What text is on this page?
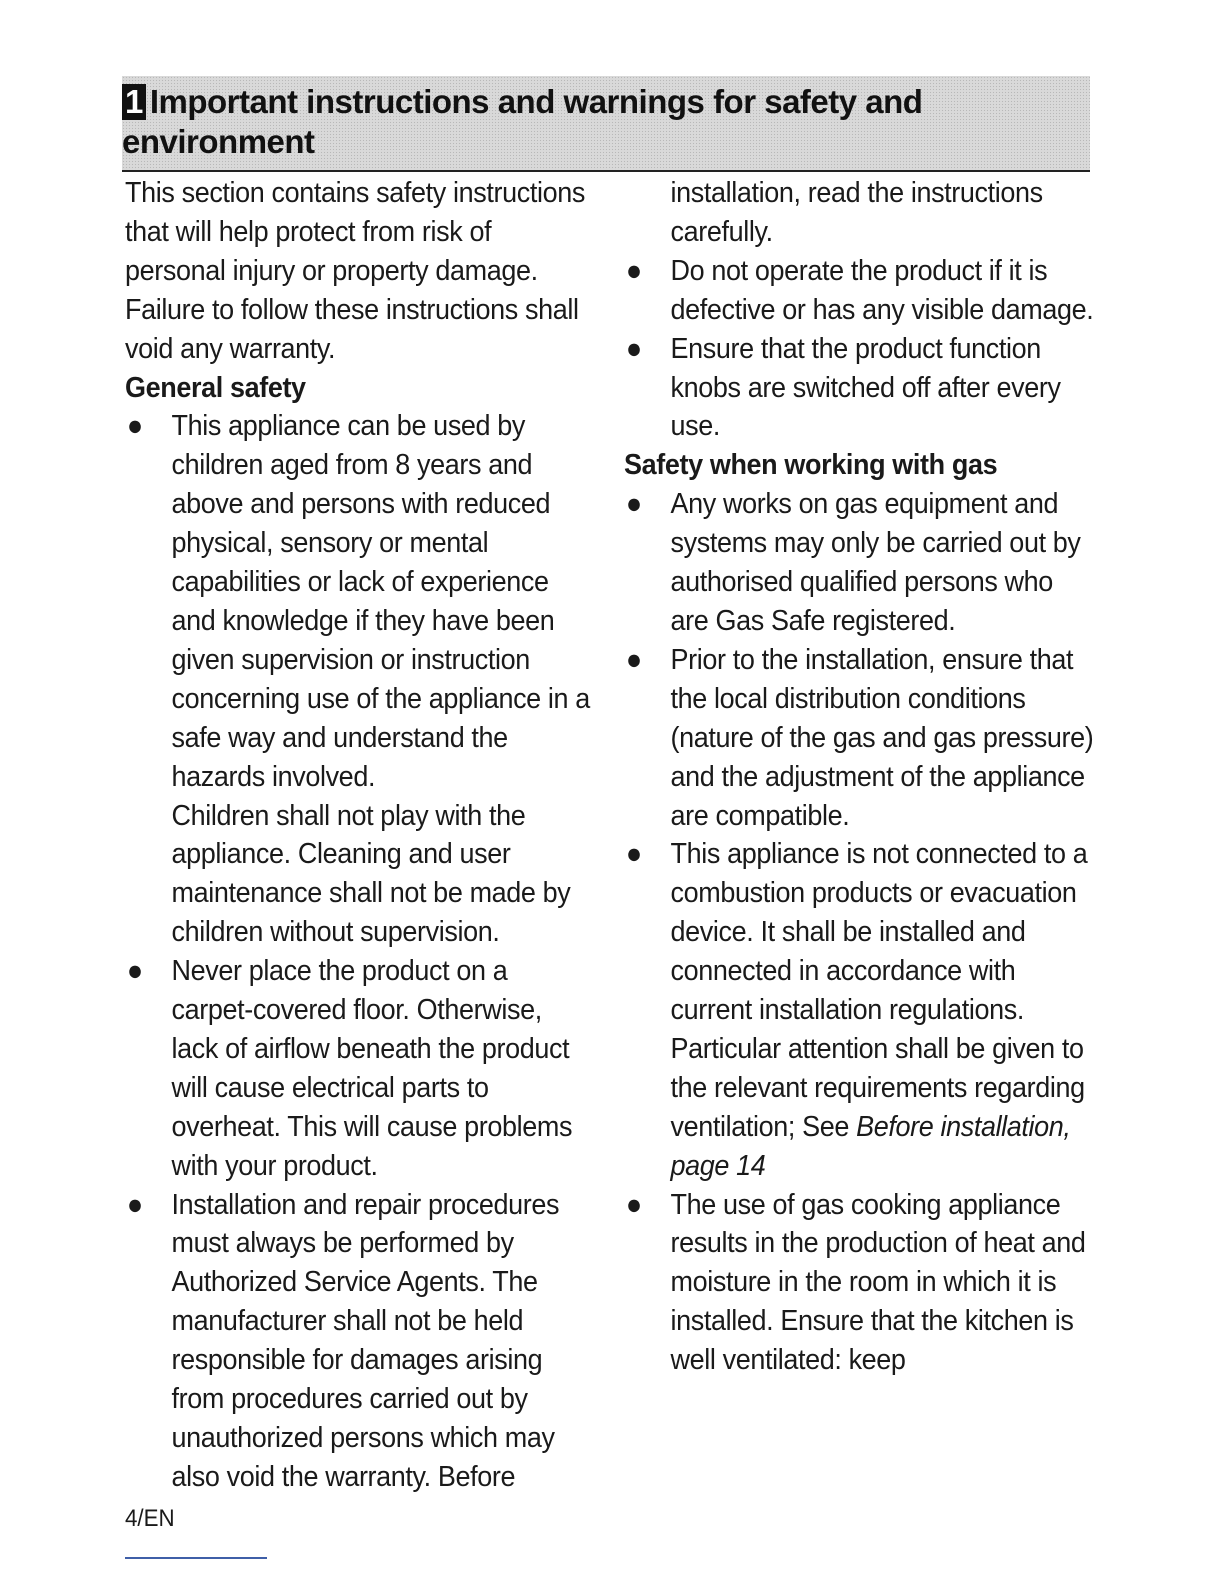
1 Important instructions and warnings for safety and environment

This section contains safety instructions that will help protect from risk of personal injury or property damage. Failure to follow these instructions shall void any warranty.

General safety

● This appliance can be used by children aged from 8 years and above and persons with reduced physical, sensory or mental capabilities or lack of experience and knowledge if they have been given supervision or instruction concerning use of the appliance in a safe way and understand the hazards involved.

Children shall not play with the appliance. Cleaning and user maintenance shall not be made by children without supervision.

● Never place the product on a carpet-covered floor. Otherwise, lack of airflow beneath the product will cause electrical parts to overheat. This will cause problems with your product.
● Installation and repair procedures must always be performed by Authorized Service Agents. The manufacturer shall not be held responsible for damages arising from procedures carried out by unauthorized persons which may also void the warranty. Before

installation, read the instructions carefully.

● Do not operate the product if it is defective or has any visible damage.
● Ensure that the product function knobs are switched off after every use.

Safety when working with gas

● Any works on gas equipment and systems may only be carried out by authorised qualified persons who are Gas Safe registered.
● Prior to the installation, ensure that the local distribution conditions (nature of the gas and gas pressure) and the adjustment of the appliance are compatible.
● This appliance is not connected to a combustion products or evacuation device. It shall be installed and connected in accordance with current installation regulations. Particular attention shall be given to the relevant requirements regarding ventilation; See Before installation, page 14
● The use of gas cooking appliance results in the production of heat and moisture in the room in which it is installed. Ensure that the kitchen is well ventilated: keep
4/EN
